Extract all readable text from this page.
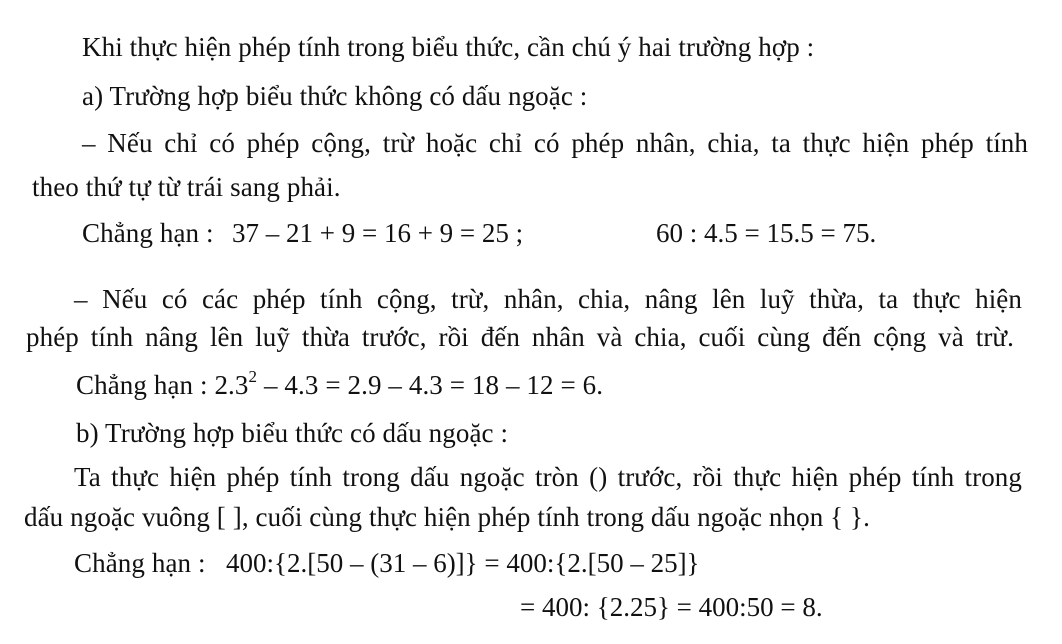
Khi thực hiện phép tính trong biểu thức, cần chú ý hai trường hợp :
a) Trường hợp biểu thức không có dấu ngoặc :
– Nếu chỉ có phép cộng, trừ hoặc chỉ có phép nhân, chia, ta thực hiện phép tính
theo thứ tự từ trái sang phải.
Chẳng hạn : 37 – 21 + 9 = 16 + 9 = 25 ;	60 : 4.5 = 15.5 = 75.
– Nếu có các phép tính cộng, trừ, nhân, chia, nâng lên luỹ thừa, ta thực hiện
phép tính nâng lên luỹ thừa trước, rồi đến nhân và chia, cuối cùng đến cộng và trừ.
Chẳng hạn : $2.3^2 - 4.3 = 2.9 - 4.3 = 18 - 12 = 6$.
b) Trường hợp biểu thức có dấu ngoặc :
Ta thực hiện phép tính trong dấu ngoặc tròn () trước, rồi thực hiện phép tính trong
dấu ngoặc vuông [ ], cuối cùng thực hiện phép tính trong dấu ngoặc nhọn { }.
Chẳng hạn : 400:{2.[50 – (31 – 6)]} = 400:{2.[50 – 25]}
= 400: {2.25} = 400:50 = 8.
